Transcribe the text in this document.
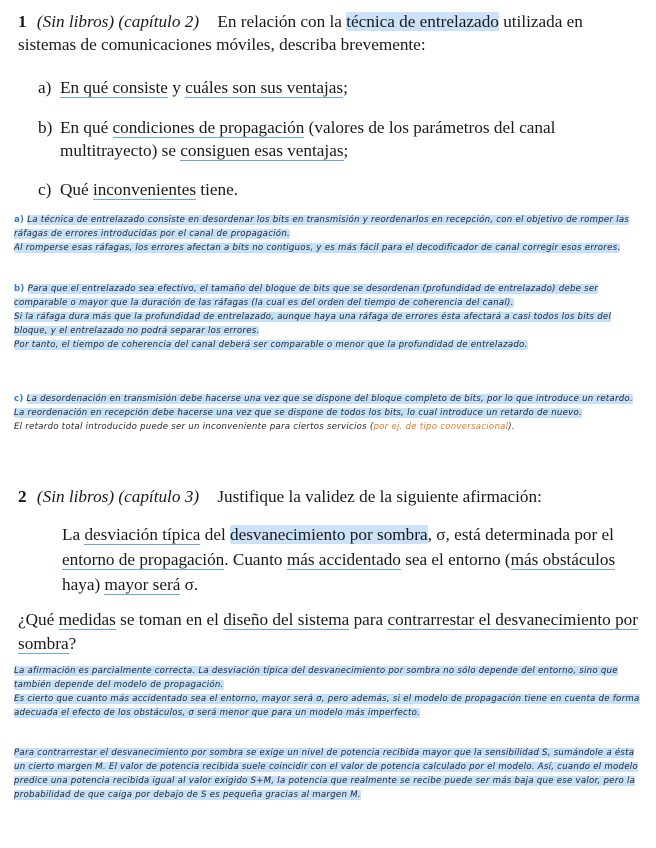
1 (Sin libros) (capítulo 2) En relación con la técnica de entrelazado utilizada en sistemas de comunicaciones móviles, describa brevemente:
a) En qué consiste y cuáles son sus ventajas;
b) En qué condiciones de propagación (valores de los parámetros del canal multitrayecto) se consiguen esas ventajas;
c) Qué inconvenientes tiene.
a) La técnica de entrelazado consiste en desordenar los bits en transmisión y reordenarlos en recepción, con el objetivo de romper las ráfagas de errores introducidas por el canal de propagación.
Al romperse esas ráfagas, los errores afectan a bits no contiguos, y es más fácil para el decodificador de canal corregir esos errores.
b) Para que el entrelazado sea efectivo, el tamaño del bloque de bits que se desordenan (profundidad de entrelazado) debe ser comparable o mayor que la duración de las ráfagas (la cual es del orden del tiempo de coherencia del canal).
Si la ráfaga dura más que la profundidad de entrelazado, aunque haya una ráfaga de errores ésta afectará a casi todos los bits del bloque, y el entrelazado no podrá separar los errores.
Por tanto, el tiempo de coherencia del canal deberá ser comparable o menor que la profundidad de entrelazado.
c) La desordenación en transmisión debe hacerse una vez que se dispone del bloque completo de bits, por lo que introduce un retardo.
La reordenación en recepción debe hacerse una vez que se dispone de todos los bits, lo cual introduce un retardo de nuevo.
El retardo total introducido puede ser un inconveniente para ciertos servicios (por ej. de tipo conversacional).
2 (Sin libros) (capítulo 3) Justifique la validez de la siguiente afirmación:
La desviación típica del desvanecimiento por sombra, σ, está determinada por el entorno de propagación. Cuanto más accidentado sea el entorno (más obstáculos haya) mayor será σ.
¿Qué medidas se toman en el diseño del sistema para contrarrestar el desvanecimiento por sombra?
La afirmación es parcialmente correcta. La desviación típica del desvanecimiento por sombra no sólo depende del entorno, sino que también depende del modelo de propagación.
Es cierto que cuanto más accidentado sea el entorno, mayor será σ, pero además, si el modelo de propagación tiene en cuenta de forma adecuada el efecto de los obstáculos, σ será menor que para un modelo más imperfecto.
Para contrarrestar el desvanecimiento por sombra se exige un nivel de potencia recibida mayor que la sensibilidad S, sumándole a ésta un cierto margen M. El valor de potencia recibida suele coincidir con el valor de potencia calculado por el modelo. Así, cuando el modelo predice una potencia recibida igual al valor exigido S+M, la potencia que realmente se recibe puede ser más baja que ese valor, pero la probabilidad de que caiga por debajo de S es pequeña gracias al margen M.
